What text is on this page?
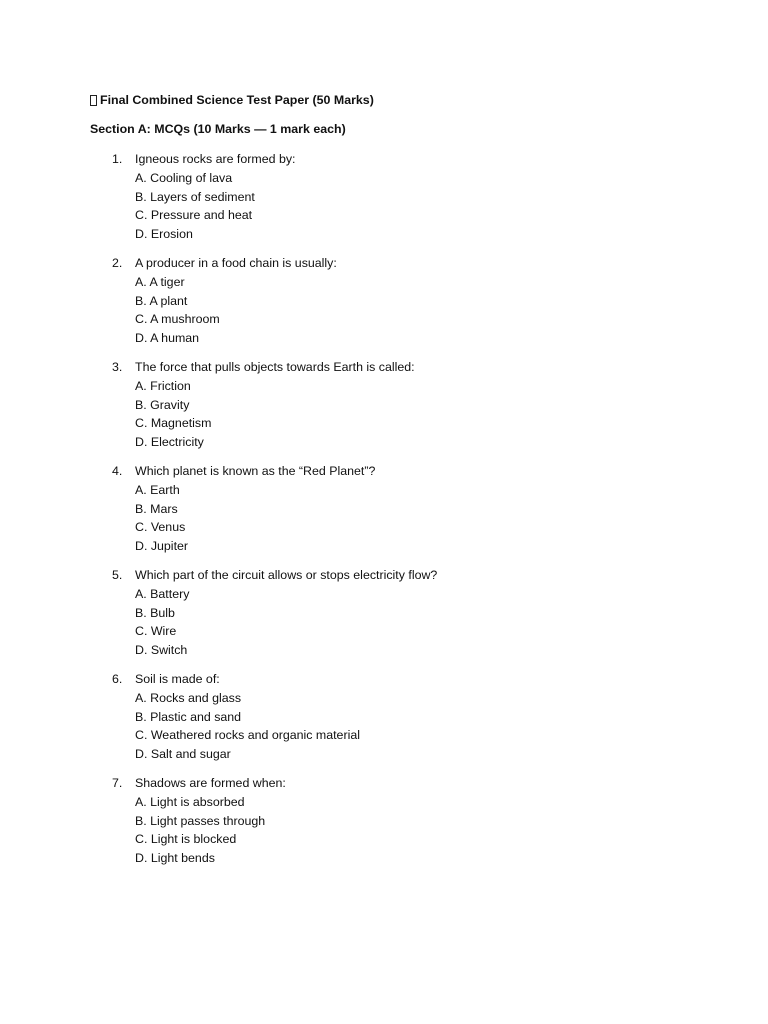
Final Combined Science Test Paper (50 Marks)
Section A: MCQs (10 Marks — 1 mark each)
1. Igneous rocks are formed by:
A. Cooling of lava
B. Layers of sediment
C. Pressure and heat
D. Erosion
2. A producer in a food chain is usually:
A. A tiger
B. A plant
C. A mushroom
D. A human
3. The force that pulls objects towards Earth is called:
A. Friction
B. Gravity
C. Magnetism
D. Electricity
4. Which planet is known as the “Red Planet”?
A. Earth
B. Mars
C. Venus
D. Jupiter
5. Which part of the circuit allows or stops electricity flow?
A. Battery
B. Bulb
C. Wire
D. Switch
6. Soil is made of:
A. Rocks and glass
B. Plastic and sand
C. Weathered rocks and organic material
D. Salt and sugar
7. Shadows are formed when:
A. Light is absorbed
B. Light passes through
C. Light is blocked
D. Light bends
